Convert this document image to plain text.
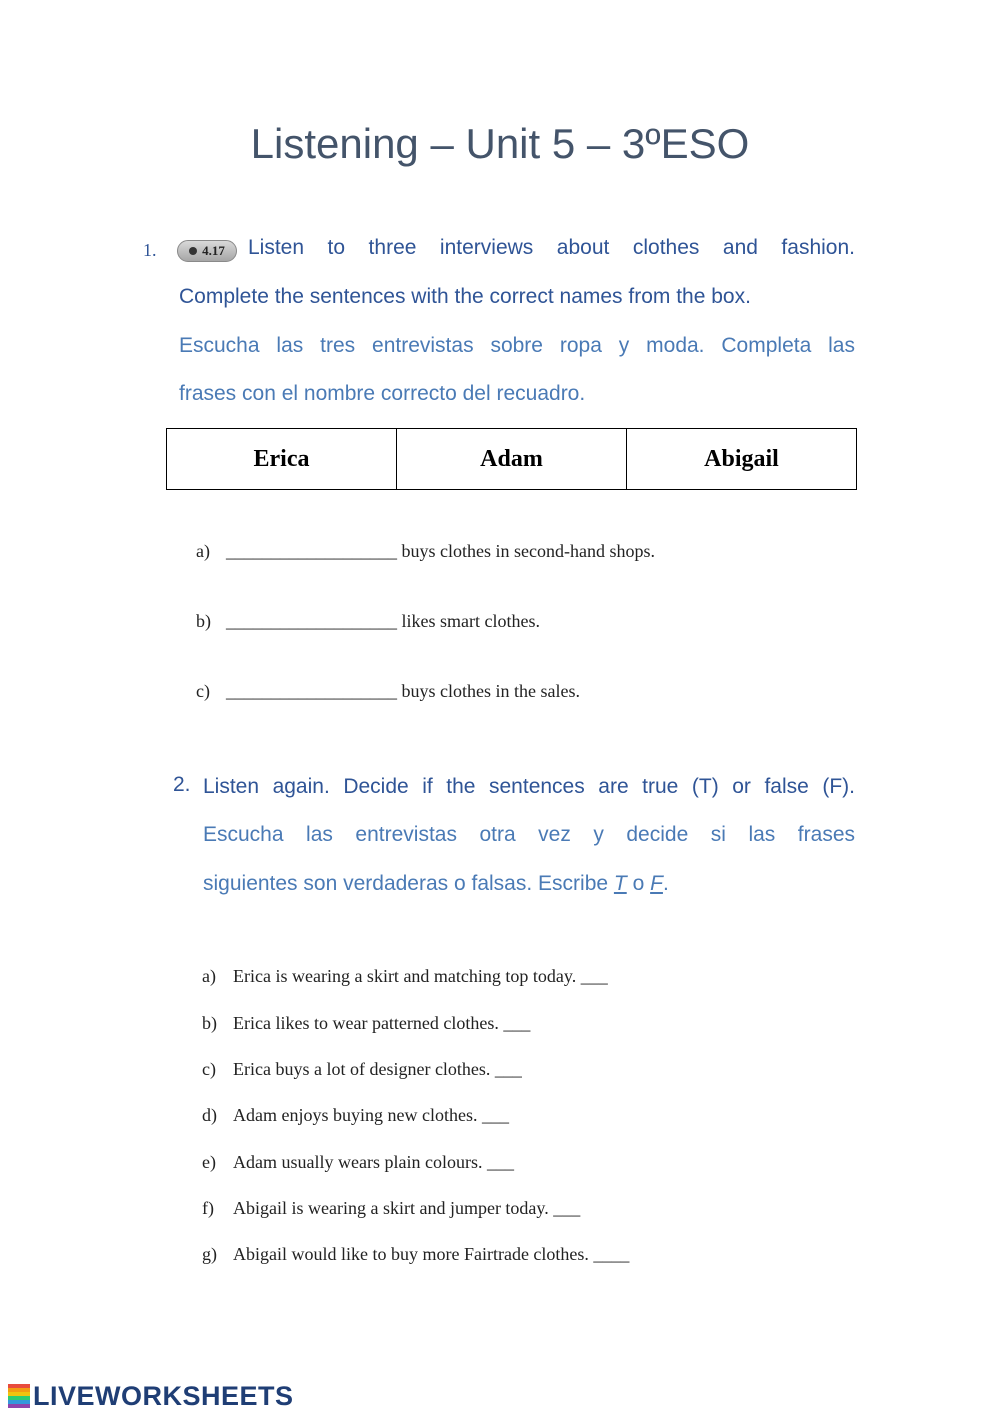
Listening – Unit 5 – 3ºESO
1.	4.17 Listen to three interviews about clothes and fashion.
Complete the sentences with the correct names from the box.
Escucha las tres entrevistas sobre ropa y moda. Completa las
frases con el nombre correcto del recuadro.
Erica	Adam	Abigail
a) ___________________ buys clothes in second-hand shops.
b) ___________________ likes smart clothes.
c) ___________________ buys clothes in the sales.
2. Listen again. Decide if the sentences are true (T) or false (F).
Escucha las entrevistas otra vez y decide si las frases
siguientes son verdaderas o falsas. Escribe T o F.
a) Erica is wearing a skirt and matching top today. ___
b) Erica likes to wear patterned clothes. ___
c) Erica buys a lot of designer clothes. ___
d) Adam enjoys buying new clothes. ___
e) Adam usually wears plain colours. ___
f) Abigail is wearing a skirt and jumper today. ___
g) Abigail would like to buy more Fairtrade clothes. ____
LIVEWORKSHEETS
